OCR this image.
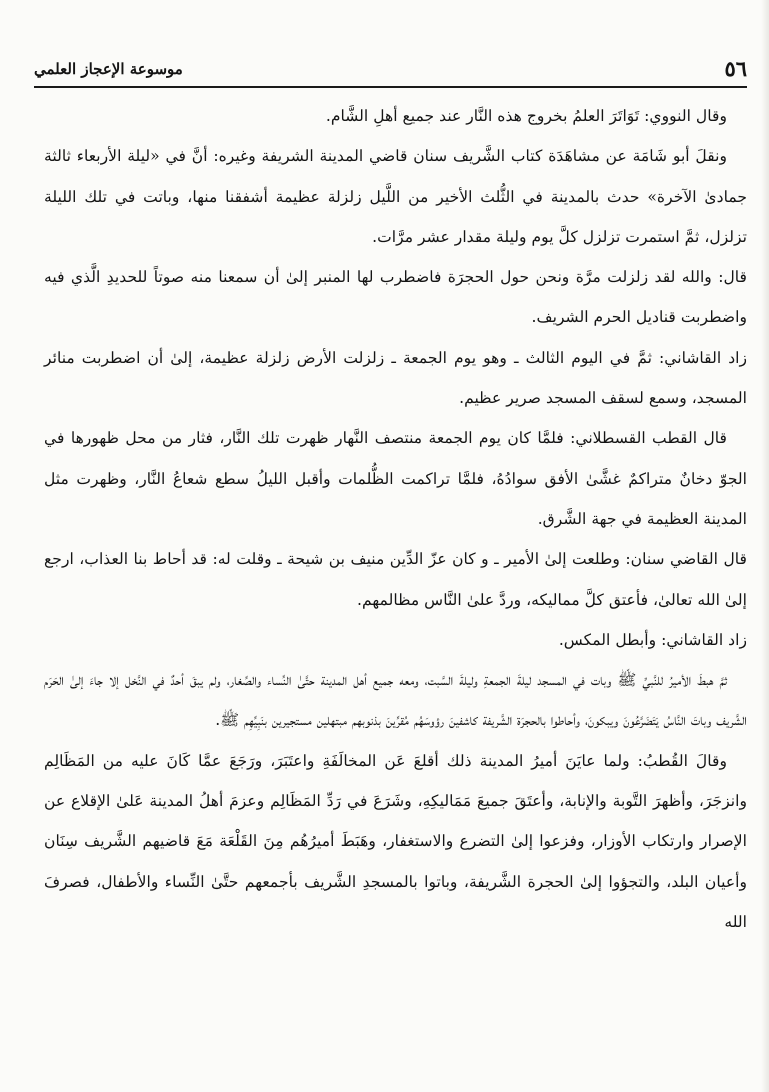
٥٦
موسوعة الإعجاز العلمي

وقال النووي: تَوَاتَرَ العلمُ بخروج هذه النَّار عند جميع أهلِ الشَّام.

ونقلَ أبو شَامَة عن مشاهَدَة كتاب الشَّريف سنان قاضي المدينة الشريفة وغيره: أنَّ في «ليلة الأربعاء ثالثة جمادىٰ الآخرة» حدث بالمدينة في الثُّلث الأخير من اللَّيل زلزلة عظيمة أشفقنا منها، وباتت في تلك الليلة تزلزل، ثمَّ استمرت تزلزل كلَّ يوم وليلة مقدار عشر مرَّات.

قال: والله لقد زلزلت مرَّة ونحن حول الحجرَة فاضطرب لها المنبر إلىٰ أن سمعنا منه صوتاً للحديدِ الَّذي فيه واضطربت قناديل الحرم الشريف.

زاد القاشاني: ثمَّ في اليوم الثالث ـ وهو يوم الجمعة ـ زلزلت الأرض زلزلة عظيمة، إلىٰ أن اضطربت منائر المسجد، وسمع لسقف المسجد صرير عظيم.

قال القطب القسطلاني: فلمَّا كان يوم الجمعة منتصف النَّهار ظهرت تلك النَّار، فثار من محل ظهورها في الجوّ دخانٌ متراكمٌ غشَّىٰ الأفق سوادُهُ، فلمَّا تراكمت الظُّلمات وأقبل الليلُ سطع شعاعُ النَّار، وظهرت مثل المدينة العظيمة في جهة الشَّرق.

قال القاضي سنان: وطلعت إلىٰ الأمير ـ و كان عزّ الدِّين منيف بن شيحة ـ وقلت له: قد أحاط بنا العذاب، ارجع إلىٰ الله تعالىٰ، فأعتق كلَّ مماليكه، وردَّ علىٰ النَّاس مظالمهم.

زاد القاشاني: وأبطل المكس.

ثمَّ هبطَ الأميرُ للنَّبيِّ ﷺ وبات في المسجد ليلةَ الجمعةِ وليلةَ السَّبت، ومعه جميع أهل المدينة حتَّىٰ النِّساء والصِّغار، ولم يبقَ أحدٌ في النَّخل إلا جاءَ إلىٰ الحَرَم الشَّريف وباتَ النَّاسُ يَتَضَرَّعُونَ ويبكونَ، وأحاطوا بالحجرَة الشَّريفة كاشفينَ رؤوسَهُم مُقرِّينَ بذنوبهم مبتهلين مستجيرين بنَبِيِّهِم ﷺ.

وقالَ القُطبُ: ولما عايَنَ أميرُ المدينة ذلك أقلعَ عَن المخالَفَةِ واعتَبَرَ، ورَجَعَ عمَّا كَانَ عليه من المَظَالِم وانزجَرَ، وأظهرَ التَّوبة والإنابة، وأعتَقَ جميعَ مَمَاليكِهِ، وشَرَعَ في رَدِّ المَظَالِم وعزمَ أهلُ المدينة عَلىٰ الإقلاع عن الإصرار وارتكاب الأوزار، وفزعوا إلىٰ التضرع والاستغفار، وهَبَطَ أميرُهُم مِنَ القَلْعَة مَعَ قاضيهم الشَّريف سِنَان وأعيان البلد، والتجؤوا إلىٰ الحجرة الشَّريفة، وباتوا بالمسجدِ الشَّريف بأجمعهم حتَّىٰ النِّساء والأطفال، فصرفَ الله
